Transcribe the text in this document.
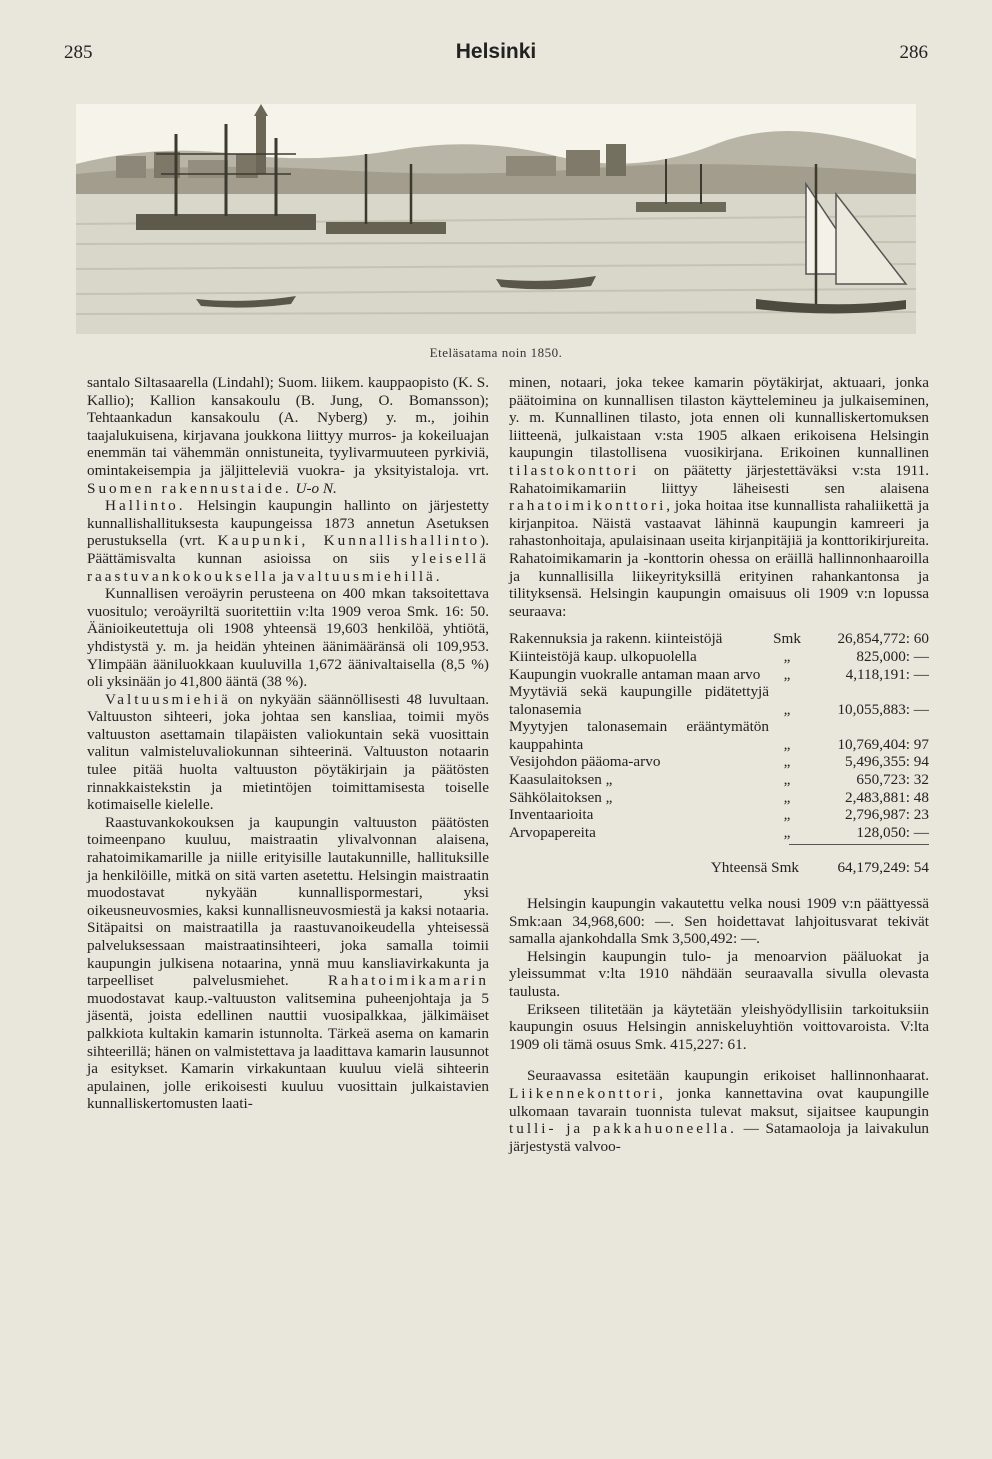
285	Helsinki	286
Eteläsatama noin 1850.

santalo Siltasaarella (Lindahl); Suom. liikem. kauppaopisto (K. S. Kallio); Kallion kansakoulu (B. Jung, O. Bomansson); Tehtaankadun kansakoulu (A. Nyberg) y. m., joihin taajalukuisena, kirjavana joukkona liittyy murros- ja kokeiluajan enemmän tai vähemmän onnistuneita, tyylivarmuuteen pyrkiviä, omintakeisempia ja jäljitteleviä vuokra- ja yksityistaloja. vrt. Suomen rakennustaide. U-o N.

Hallinto. Helsingin kaupungin hallinto on järjestetty kunnallishallituksesta kaupungeissa 1873 annetun Asetuksen perustuksella (vrt. Kaupunki, Kunnallishallinto). Päättämisvalta kunnan asioissa on siis yleisellä raastuvankokouksella ja valtuusmiehillä.

Kunnallisen veroäyrin perusteena on 400 mkan taksoitettava vuositulo; veroäyriltä suoritettiin v:lta 1909 veroa Smk. 16: 50. Äänioikeutettuja oli 1908 yhteensä 19,603 henkilöä, yhtiötä, yhdistystä y. m. ja heidän yhteinen äänimääränsä oli 109,953. Ylimpään ääniluokkaan kuuluvilla 1,672 äänivaltaisella (8,5 %) oli yksinään jo 41,800 ääntä (38 %).

Valtuusmiehiä on nykyään säännöllisesti 48 luvultaan. Valtuuston sihteeri, joka johtaa sen kansliaa, toimii myös valtuuston asettamain tilapäisten valiokuntain sekä vuosittain valitun valmisteluvaliokunnan sihteerinä. Valtuuston notaarin tulee pitää huolta valtuuston pöytäkirjain ja päätösten rinnakkaistekstin ja mietintöjen toimittamisesta toiselle kotimaiselle kielelle.

Raastuvankokouksen ja kaupungin valtuuston päätösten toimeenpano kuuluu, maistraatin ylivalvonnan alaisena, rahatoimikamarille ja niille erityisille lautakunnille, hallituksille ja henkilöille, mitkä on sitä varten asetettu. Helsingin maistraatin muodostavat nykyään kunnallispormestari, yksi oikeusneuvosmies, kaksi kunnallisneuvosmiestä ja kaksi notaaria. Sitäpaitsi on maistraatilla ja raastuvanoikeudella yhteisessä palveluksessaan maistraatinsihteeri, joka samalla toimii kaupungin julkisena notaarina, ynnä muu kansliavirkakunta ja tarpeelliset palvelusmiehet.	Rahatoimikamarin muodostavat kaup.-valtuuston valitsemina puheenjohtaja ja 5 jäsentä, joista edellinen nauttii vuosipalkkaa, jälkimäiset palkkiota kultakin kamarin istunnolta. Tärkeä asema on kamarin sihteerillä; hänen on valmistettava ja laadittava kamarin lausunnot ja esitykset. Kamarin virkakuntaan kuuluu vielä sihteerin apulainen, jolle erikoisesti kuuluu vuosittain julkaistavien kunnalliskertomusten laati-

minen, notaari, joka tekee kamarin pöytäkirjat, aktuaari, jonka päätoimina on kunnallisen tilaston käyttelemineu ja julkaiseminen, y. m. Kunnallinen tilasto, jota ennen oli kunnalliskertomuksen liitteenä, julkaistaan v:sta 1905 alkaen erikoisena Helsingin kaupungin tilastollisena vuosikirjana. Erikoinen kunnallinen tilastokonttori on päätetty järjestettäväksi v:sta 1911. Rahatoimikamariin liittyy läheisesti sen alaisena rahatoimikonttori, joka hoitaa itse kunnallista rahaliikettä ja kirjanpitoa. Näistä vastaavat lähinnä kaupungin kamreeri ja rahastonhoitaja, apulaisinaan useita kirjanpitäjiä ja konttorikirjureita. Rahatoimikamarin ja -konttorin ohessa on eräillä hallinnonhaaroilla ja kunnallisilla liikeyrityksillä erityinen rahankantonsa ja tilityksensä. Helsingin kaupungin omaisuus oli 1909 v:n lopussa seuraava:

Rakennuksia ja rakenn. kiinteistöjä	Smk	26,854,772: 60
Kiinteistöjä kaup. ulkopuolella	„	825,000: —
Kaupungin vuokralle antaman maan arvo	„	4,118,191: —
Myytäviä sekä kaupungille pidätettyjä talonasemia	„	10,055,883: —
Myytyjen talonasemain erääntymätön kauppahinta	„	10,769,404: 97
Vesijohdon pääoma-arvo	„	5,496,355: 94
Kaasulaitoksen „	„	650,723: 32
Sähkölaitoksen „	„	2,483,881: 48
Inventaarioita	„	2,796,987: 23
Arvopapereita	„	128,050: —

Yhteensä Smk		64,179,249: 54

Helsingin kaupungin vakautettu velka nousi 1909 v:n päättyessä Smk:aan 34,968,600: —. Sen hoidettavat lahjoitusvarat tekivät samalla ajankohdalla Smk 3,500,492: —.

Helsingin kaupungin tulo- ja menoarvion pääluokat ja yleissummat v:lta 1910 nähdään seuraavalla sivulla olevasta taulusta.

Erikseen tilitetään ja käytetään yleishyödyllisiin tarkoituksiin kaupungin osuus Helsingin anniskeluyhtiön voittovaroista. V:lta 1909 oli tämä osuus Smk. 415,227: 61.

Seuraavassa esitetään kaupungin erikoiset hallinnonhaarat. Liikennekonttori, jonka kannettavina ovat kaupungille ulkomaan tavarain tuonnista tulevat maksut, sijaitsee kaupungin tulli- ja pakkahuoneella. — Satamaoloja ja laivakulun järjestystä valvoo-
